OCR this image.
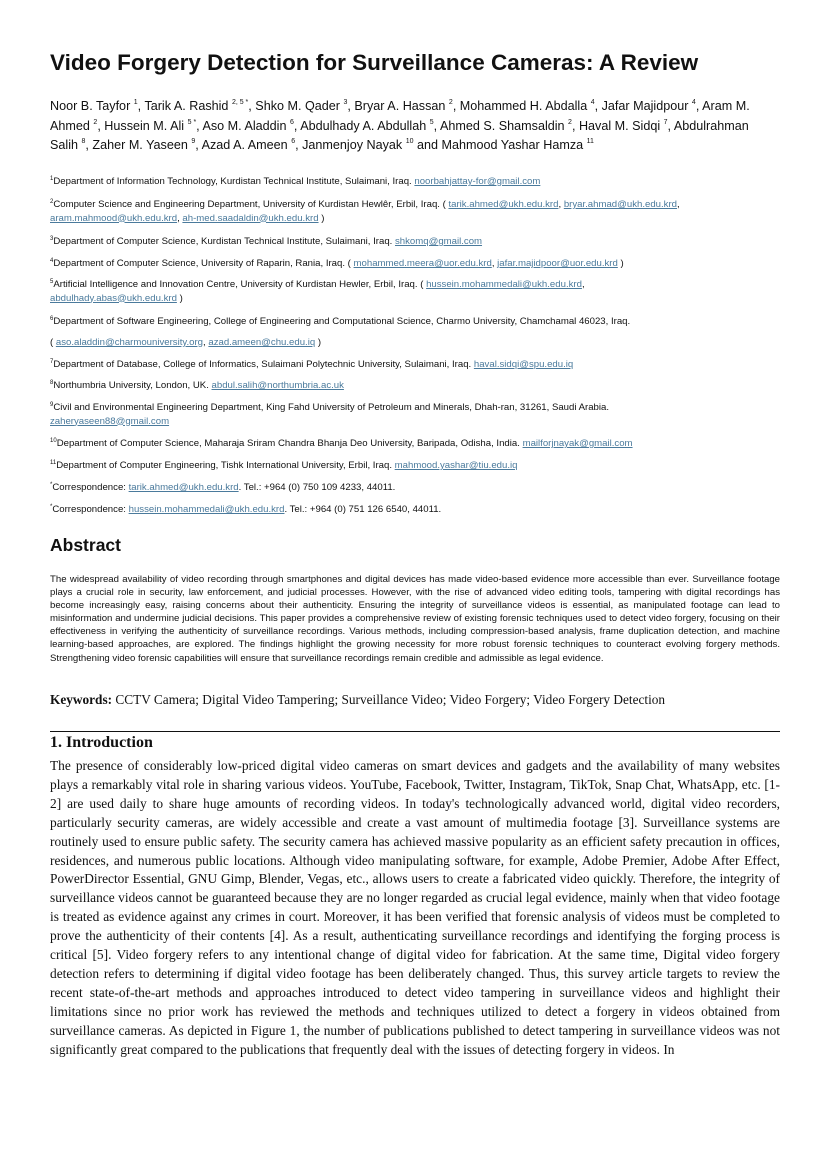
Video Forgery Detection for Surveillance Cameras: A Review
Noor B. Tayfor $^1$, Tarik A. Rashid $^{2, 5 *}$, Shko M. Qader $^3$, Bryar A. Hassan $^2$, Mohammed H. Abdalla $^4$, Jafar Majidpour $^4$, Aram M. Ahmed $^2$, Hussein M. Ali $^{5 *}$, Aso M. Aladdin $^6$, Abdulhady A. Abdullah $^5$, Ahmed S. Shamsaldin $^2$, Haval M. Sidqi $^7$, Abdulrahman Salih $^8$, Zaher M. Yaseen $^9$, Azad A. Ameen $^6$, Janmenjoy Nayak $^{10}$ and Mahmood Yashar Hamza $^{11}$
$^1$Department of Information Technology, Kurdistan Technical Institute, Sulaimani, Iraq. noorbahjattay-for@gmail.com
$^2$Computer Science and Engineering Department, University of Kurdistan Hewlêr, Erbil, Iraq. ( tarik.ahmed@ukh.edu.krd, bryar.ahmad@ukh.edu.krd,
aram.mahmood@ukh.edu.krd, ah-med.saadaldin@ukh.edu.krd )
$^3$Department of Computer Science, Kurdistan Technical Institute, Sulaimani, Iraq. shkomq@gmail.com
$^4$Department of Computer Science, University of Raparin, Rania, Iraq. ( mohammed.meera@uor.edu.krd, jafar.majidpoor@uor.edu.krd )
$^5$Artificial Intelligence and Innovation Centre, University of Kurdistan Hewler, Erbil, Iraq. ( hussein.mohammedali@ukh.edu.krd,
abdulhady.abas@ukh.edu.krd )
$^6$Department of Software Engineering, College of Engineering and Computational Science, Charmo University, Chamchamal 46023, Iraq.
( aso.aladdin@charmouniversity.org, azad.ameen@chu.edu.iq )
$^7$Department of Database, College of Informatics, Sulaimani Polytechnic University, Sulaimani, Iraq. haval.sidqi@spu.edu.iq
$^8$Northumbria University, London, UK. abdul.salih@northumbria.ac.uk
$^9$Civil and Environmental Engineering Department, King Fahd University of Petroleum and Minerals, Dhah-ran, 31261, Saudi Arabia.
zaheryaseen88@gmail.com
$^{10}$Department of Computer Science, Maharaja Sriram Chandra Bhanja Deo University, Baripada, Odisha, India. mailforjnayak@gmail.com
$^{11}$Department of Computer Engineering, Tishk International University, Erbil, Iraq. mahmood.yashar@tiu.edu.iq
*Correspondence: tarik.ahmed@ukh.edu.krd. Tel.: +964 (0) 750 109 4233, 44011.
*Correspondence: hussein.mohammedali@ukh.edu.krd. Tel.: +964 (0) 751 126 6540, 44011.
Abstract
The widespread availability of video recording through smartphones and digital devices has made video-based evidence more accessible than ever. Surveillance footage plays a crucial role in security, law enforcement, and judicial processes. However, with the rise of advanced video editing tools, tampering with digital recordings has become increasingly easy, raising concerns about their authenticity. Ensuring the integrity of surveillance videos is essential, as manipulated footage can lead to misinformation and undermine judicial decisions. This paper provides a comprehensive review of existing forensic techniques used to detect video forgery, focusing on their effectiveness in verifying the authenticity of surveillance recordings. Various methods, including compression-based analysis, frame duplication detection, and machine learning-based approaches, are explored. The findings highlight the growing necessity for more robust forensic techniques to counteract evolving forgery methods. Strengthening video forensic capabilities will ensure that surveillance recordings remain credible and admissible as legal evidence.
Keywords: CCTV Camera; Digital Video Tampering; Surveillance Video; Video Forgery; Video Forgery Detection
1. Introduction
The presence of considerably low-priced digital video cameras on smart devices and gadgets and the availability of many websites plays a remarkably vital role in sharing various videos. YouTube, Facebook, Twitter, Instagram, TikTok, Snap Chat, WhatsApp, etc. [1-2] are used daily to share huge amounts of recording videos. In today's technologically advanced world, digital video recorders, particularly security cameras, are widely accessible and create a vast amount of multimedia footage [3]. Surveillance systems are routinely used to ensure public safety. The security camera has achieved massive popularity as an efficient safety precaution in offices, residences, and numerous public locations. Although video manipulating software, for example, Adobe Premier, Adobe After Effect, PowerDirector Essential, GNU Gimp, Blender, Vegas, etc., allows users to create a fabricated video quickly. Therefore, the integrity of surveillance videos cannot be guaranteed because they are no longer regarded as crucial legal evidence, mainly when that video footage is treated as evidence against any crimes in court. Moreover, it has been verified that forensic analysis of videos must be completed to prove the authenticity of their contents [4]. As a result, authenticating surveillance recordings and identifying the forging process is critical [5]. Video forgery refers to any intentional change of digital video for fabrication. At the same time, Digital video forgery detection refers to determining if digital video footage has been deliberately changed. Thus, this survey article targets to review the recent state-of-the-art methods and approaches introduced to detect video tampering in surveillance videos and highlight their limitations since no prior work has reviewed the methods and techniques utilized to detect a forgery in videos obtained from surveillance cameras. As depicted in Figure 1, the number of publications published to detect tampering in surveillance videos was not significantly great compared to the publications that frequently deal with the issues of detecting forgery in videos. In
